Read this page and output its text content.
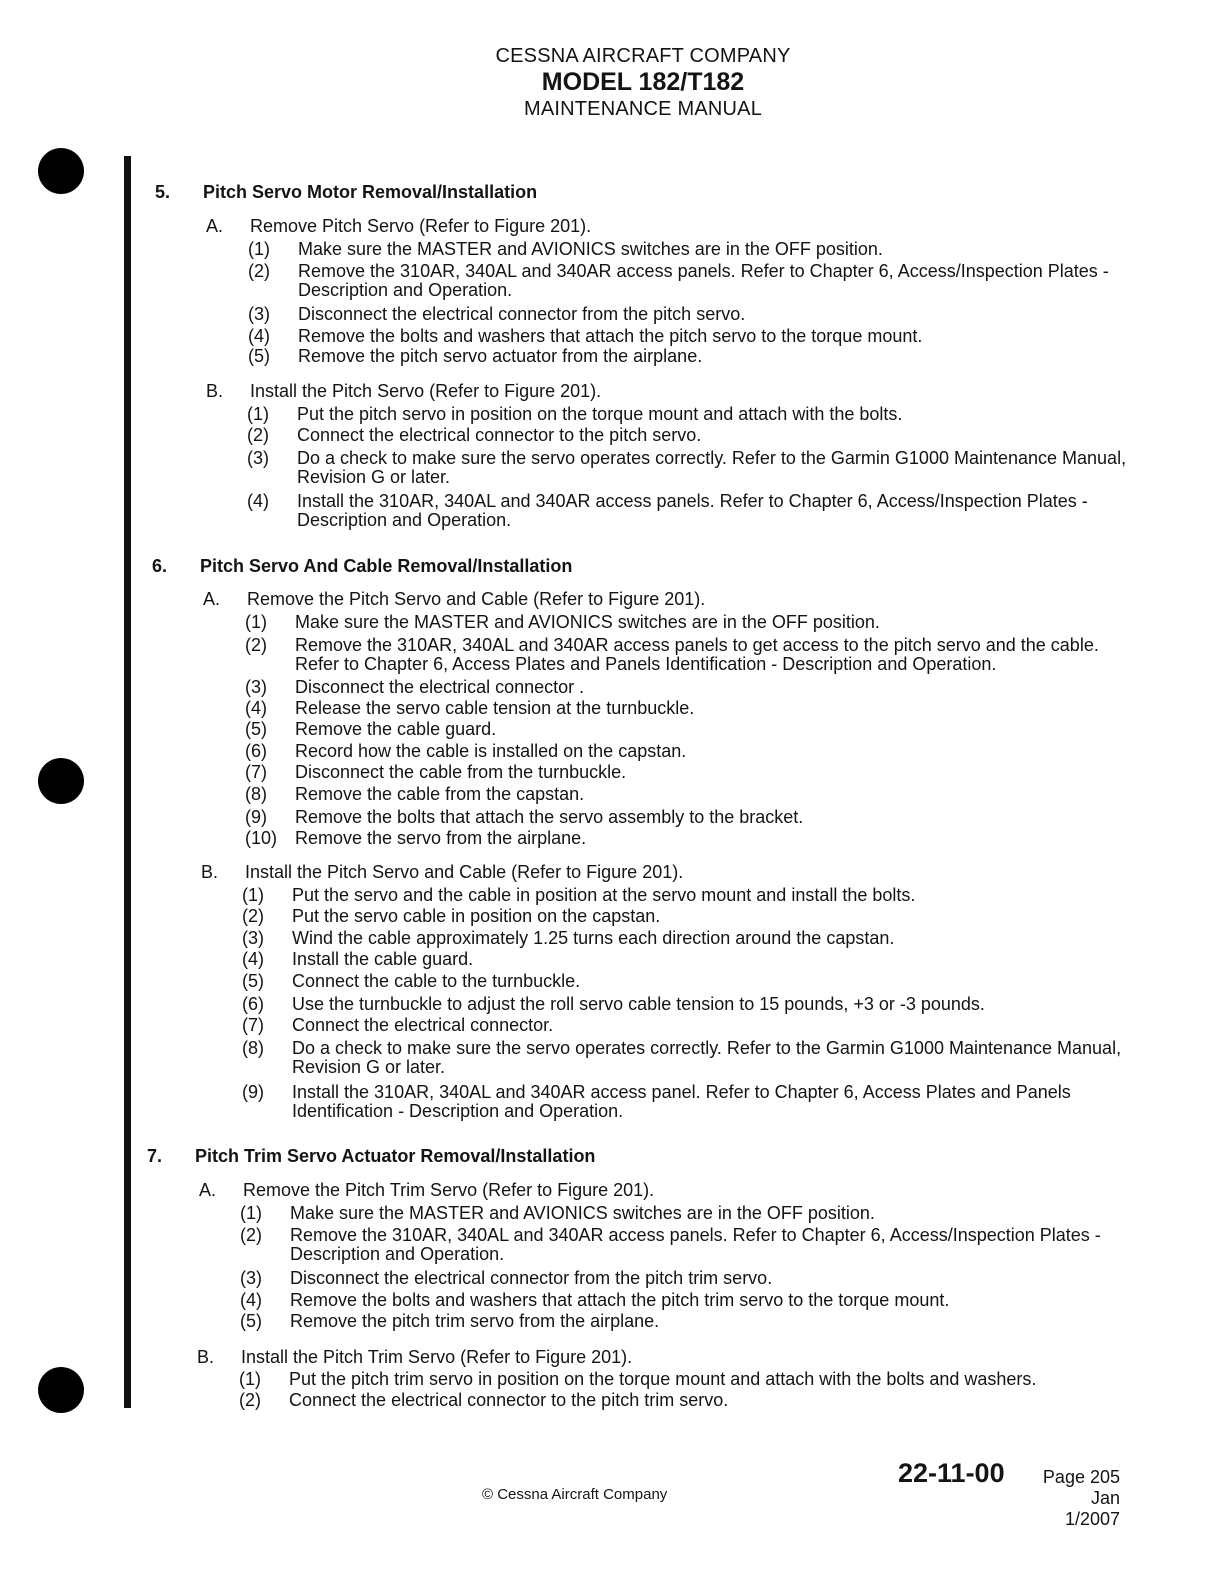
CESSNA AIRCRAFT COMPANY
MODEL 182/T182
MAINTENANCE MANUAL
5. Pitch Servo Motor Removal/Installation
A. Remove Pitch Servo (Refer to Figure 201).
(1) Make sure the MASTER and AVIONICS switches are in the OFF position.
(2) Remove the 310AR, 340AL and 340AR access panels. Refer to Chapter 6, Access/Inspection Plates - Description and Operation.
(3) Disconnect the electrical connector from the pitch servo.
(4) Remove the bolts and washers that attach the pitch servo to the torque mount.
(5) Remove the pitch servo actuator from the airplane.
B. Install the Pitch Servo (Refer to Figure 201).
(1) Put the pitch servo in position on the torque mount and attach with the bolts.
(2) Connect the electrical connector to the pitch servo.
(3) Do a check to make sure the servo operates correctly. Refer to the Garmin G1000 Maintenance Manual, Revision G or later.
(4) Install the 310AR, 340AL and 340AR access panels. Refer to Chapter 6, Access/Inspection Plates - Description and Operation.
6. Pitch Servo And Cable Removal/Installation
A. Remove the Pitch Servo and Cable (Refer to Figure 201).
(1) Make sure the MASTER and AVIONICS switches are in the OFF position.
(2) Remove the 310AR, 340AL and 340AR access panels to get access to the pitch servo and the cable. Refer to Chapter 6, Access Plates and Panels Identification - Description and Operation.
(3) Disconnect the electrical connector .
(4) Release the servo cable tension at the turnbuckle.
(5) Remove the cable guard.
(6) Record how the cable is installed on the capstan.
(7) Disconnect the cable from the turnbuckle.
(8) Remove the cable from the capstan.
(9) Remove the bolts that attach the servo assembly to the bracket.
(10) Remove the servo from the airplane.
B. Install the Pitch Servo and Cable (Refer to Figure 201).
(1) Put the servo and the cable in position at the servo mount and install the bolts.
(2) Put the servo cable in position on the capstan.
(3) Wind the cable approximately 1.25 turns each direction around the capstan.
(4) Install the cable guard.
(5) Connect the cable to the turnbuckle.
(6) Use the turnbuckle to adjust the roll servo cable tension to 15 pounds, +3 or -3 pounds.
(7) Connect the electrical connector.
(8) Do a check to make sure the servo operates correctly. Refer to the Garmin G1000 Maintenance Manual, Revision G or later.
(9) Install the 310AR, 340AL and 340AR access panel. Refer to Chapter 6, Access Plates and Panels Identification - Description and Operation.
7. Pitch Trim Servo Actuator Removal/Installation
A. Remove the Pitch Trim Servo (Refer to Figure 201).
(1) Make sure the MASTER and AVIONICS switches are in the OFF position.
(2) Remove the 310AR, 340AL and 340AR access panels. Refer to Chapter 6, Access/Inspection Plates - Description and Operation.
(3) Disconnect the electrical connector from the pitch trim servo.
(4) Remove the bolts and washers that attach the pitch trim servo to the torque mount.
(5) Remove the pitch trim servo from the airplane.
B. Install the Pitch Trim Servo (Refer to Figure 201).
(1) Put the pitch trim servo in position on the torque mount and attach with the bolts and washers.
(2) Connect the electrical connector to the pitch trim servo.
22-11-00	Page 205
Jan 1/2007
© Cessna Aircraft Company
